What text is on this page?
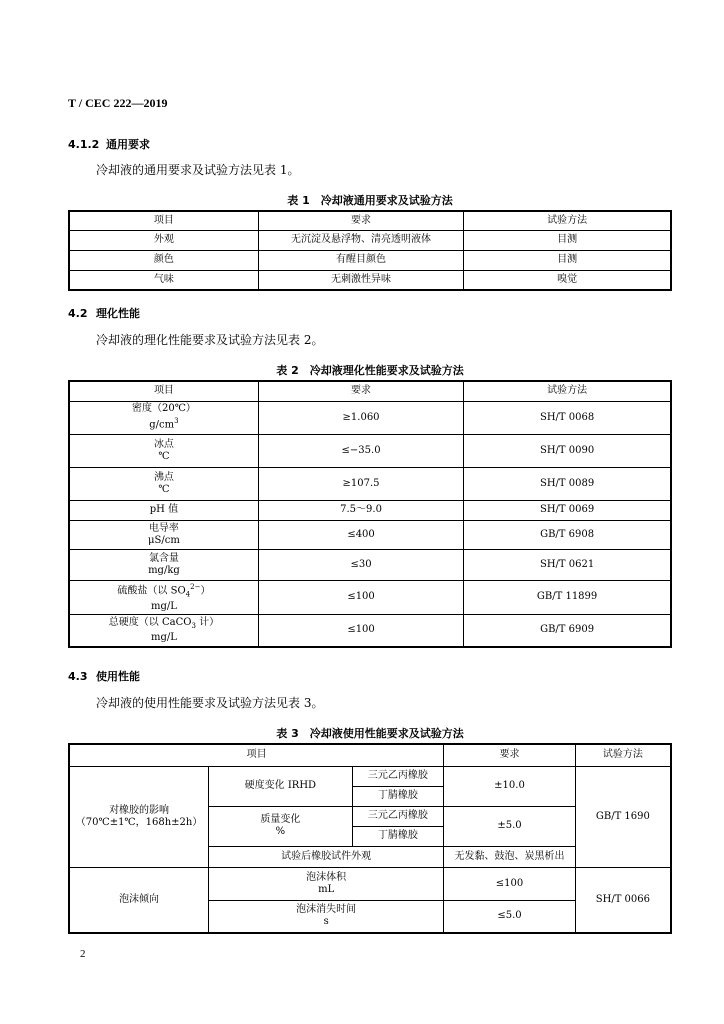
T / CEC 222—2019
4.1.2 通用要求
冷却液的通用要求及试验方法见表 1。
表 1　冷却液通用要求及试验方法
项目	要求	试验方法
外观	无沉淀及悬浮物、清亮透明液体	目测
颜色	有醒目颜色	目测
气味	无刺激性异味	嗅觉
4.2 理化性能
冷却液的理化性能要求及试验方法见表 2。
表 2　冷却液理化性能要求及试验方法
项目	要求	试验方法

密度（20℃）
$g/cm^3$	≥1.060	SH/T 0068

冰点
℃	≤−35.0	SH/T 0090

沸点
℃	≥107.5	SH/T 0089
pH 值	7.5～9.0	SH/T 0069

电导率
μS/cm	≤400	GB/T 6908

氯含量
mg/kg	≤30	SH/T 0621

硫酸盐（以 $SO_4^{2-}$）
mg/L	≤100	GB/T 11899

总硬度（以 CaCO$_3$ 计）
mg/L	≤100	GB/T 6909
4.3 使用性能
冷却液的使用性能要求及试验方法见表 3。
表 3　冷却液使用性能要求及试验方法
项目			要求	试验方法

对橡胶的影响
（70℃±1℃，168h±2h）	硬度变化 IRHD	三元乙丙橡胶	±10.0	GB/T 1690
		丁腈橡胶		

	质量变化
%	三元乙丙橡胶	±5.0	
		丁腈橡胶		
	试验后橡胶试件外观		无发黏、鼓泡、炭黑析出	
泡沫倾向	泡沫体积
mL		≤100	SH/T 0066

	泡沫消失时间
s		≤5.0	
2
